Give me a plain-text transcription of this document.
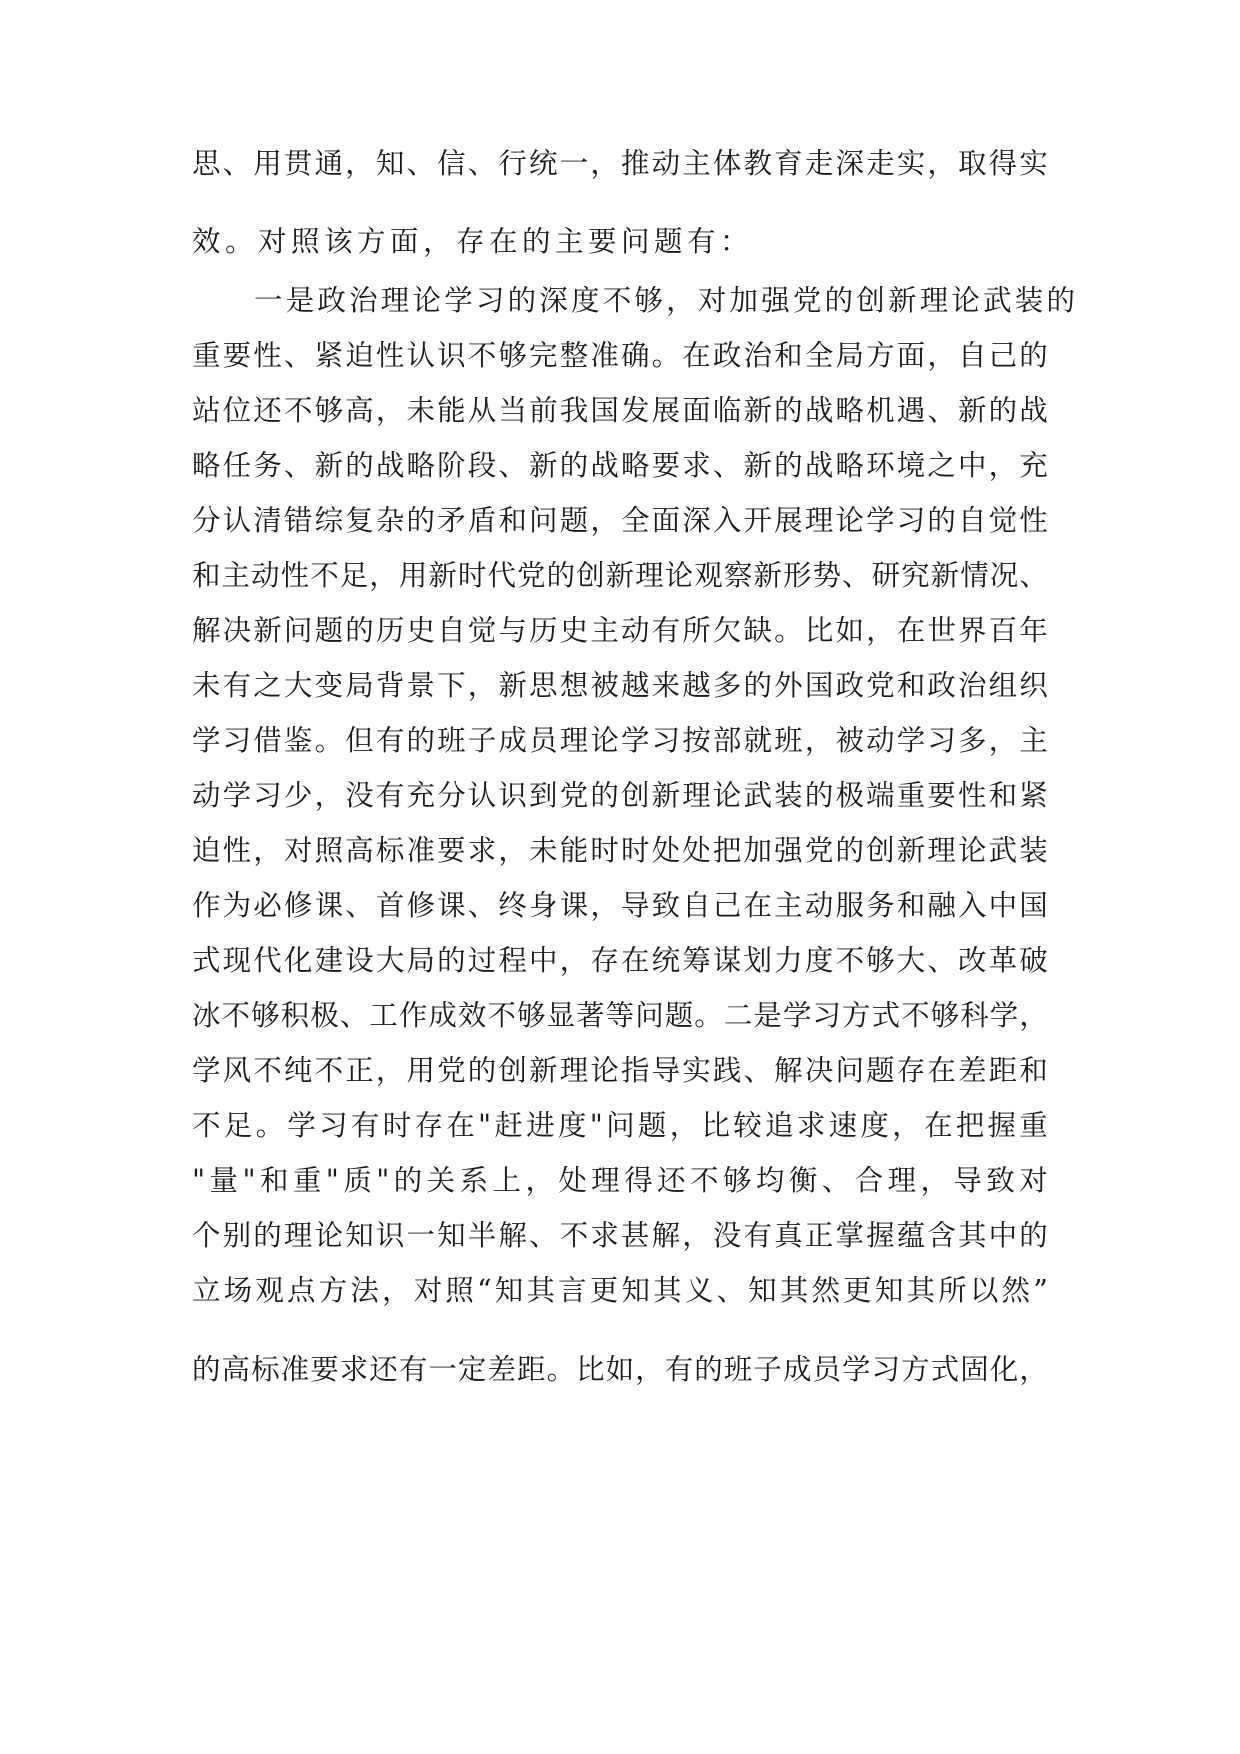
思 、 用 贯 通 ， 知 、 信 、 行 统 一 ， 推 动 主 体 教 育 走 深 走 实 ， 取 得 实
效。对照该方面，存在的主要问题有：
一是政治理论学习的深度不够，对加强党的创新理论武装的
重 要 性 、 紧 迫 性 认 识 不 够 完 整 准 确 。 在 政 治 和 全 局 方 面 ， 自 己 的
站 位 还 不 够 高 ， 未 能 从 当 前 我 国 发 展 面 临 新 的 战 略 机 遇 、 新 的 战
略 任 务 、 新 的 战 略 阶 段 、 新 的 战 略 要 求 、 新 的 战 略 环 境 之 中 ， 充
分 认 清 错 综 复 杂 的 矛 盾 和 问 题 ， 全 面 深 入 开 展 理 论 学 习 的 自 觉 性
和 主 动 性 不 足 ， 用 新 时 代 党 的 创 新 理 论 观 察 新 形 势 、 研 究 新 情 况 、
解 决 新 问 题 的 历 史 自 觉 与 历 史 主 动 有 所 欠 缺 。 比 如 ， 在 世 界 百 年
未 有 之 大 变 局 背 景 下 ， 新 思 想 被 越 来 越 多 的 外 国 政 党 和 政 治 组 织
学 习 借 鉴 。 但 有 的 班 子 成 员 理 论 学 习 按 部 就 班 ， 被 动 学 习 多 ， 主
动 学 习 少 ， 没 有 充 分 认 识 到 党 的 创 新 理 论 武 装 的 极 端 重 要 性 和 紧
迫 性 ， 对 照 高 标 准 要 求 ， 未 能 时 时 处 处 把 加 强 党 的 创 新 理 论 武 装
作 为 必 修 课 、 首 修 课 、 终 身 课 ， 导 致 自 己 在 主 动 服 务 和 融 入 中 国
式 现 代 化 建 设 大 局 的 过 程 中 ， 存 在 统 筹 谋 划 力 度 不 够 大 、 改 革 破
冰 不 够 积 极 、 工 作 成 效 不 够 显 著 等 问 题 。 二 是 学 习 方 式 不 够 科 学 ，
学 风 不 纯 不 正 ， 用 党 的 创 新 理 论 指 导 实 践 、 解 决 问 题 存 在 差 距 和
不 足 。 学 习 有 时 存 在 " 赶 进 度 " 问 题 ， 比 较 追 求 速 度 ， 在 把 握 重
" 量 " 和 重 " 质 " 的 关 系 上 ， 处 理 得 还 不 够 均 衡 、 合 理 ， 导 致 对
个 别 的 理 论 知 识 一 知 半 解 、 不 求 甚 解 ， 没 有 真 正 掌 握 蕴 含 其 中 的
立 场 观 点 方 法 ， 对 照 “ 知 其 言 更 知 其 义 、 知 其 然 更 知 其 所 以 然 ”
的 高 标 准 要 求 还 有 一 定 差 距 。 比 如 ， 有 的 班 子 成 员 学 习 方 式 固 化 ，
